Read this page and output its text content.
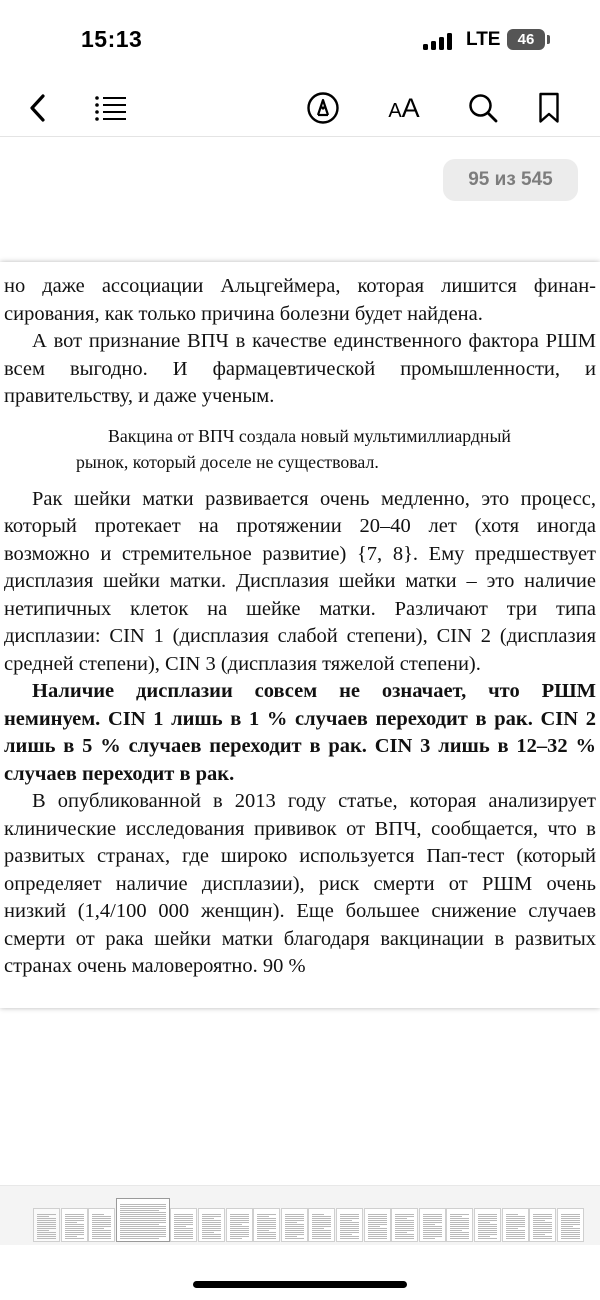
15:13	LTE	46
A A
95 из 545

но даже ассоциации Альцгеймера, которая лишится финансирования, как только причина болезни будет найдена.

А вот признание ВПЧ в качестве единственного фактора РШМ всем выгодно. И фармацевтической промышленности, и правительству, и даже ученым.

Вакцина от ВПЧ создала новый мультимиллиардный рынок, который доселе не существовал.

Рак шейки матки развивается очень медленно, это процесс, который протекает на протяжении 20–40 лет (хотя иногда возможно и стремительное развитие) {7, 8}. Ему предшествует дисплазия шейки матки. Дисплазия шейки матки – это наличие нетипичных клеток на шейке матки. Различают три типа дисплазии: CIN 1 (дисплазия слабой степени), CIN 2 (дисплазия средней степени), CIN 3 (дисплазия тяжелой степени).

Наличие дисплазии совсем не означает, что РШМ неминуем. CIN 1 лишь в 1 % случаев переходит в рак. CIN 2 лишь в 5 % случаев переходит в рак. CIN 3 лишь в 12–32 % случаев переходит в рак.

В опубликованной в 2013 году статье, которая анализирует клинические исследования прививок от ВПЧ, сообщается, что в развитых странах, где широко используется Пап-тест (который определяет наличие дисплазии), риск смерти от РШМ очень низкий (1,4/100 000 женщин). Еще большее снижение случаев смерти от рака шейки матки благодаря вакцинации в развитых странах очень маловероятно. 90 %
